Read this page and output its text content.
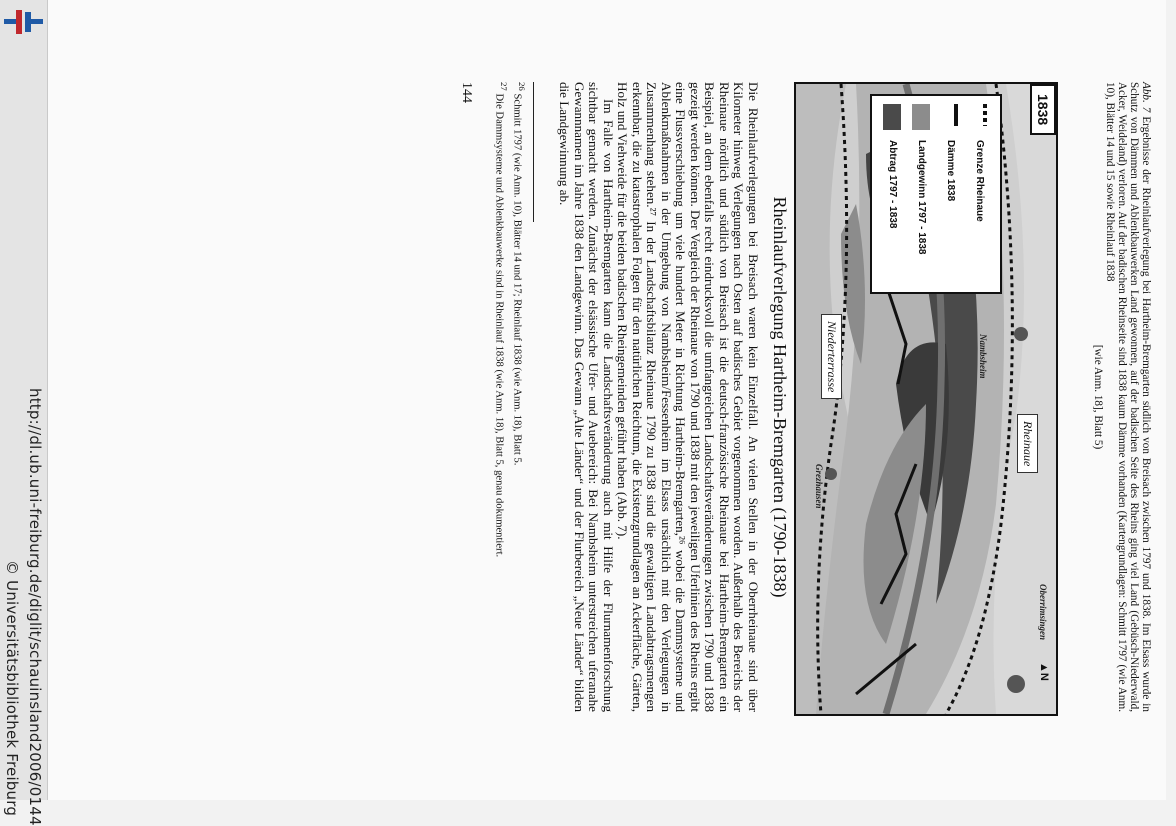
http://dl.ub.uni-freiburg.de/diglit/schauinsland2006/0144
© Universitätsbibliothek Freiburg
Abb. 7 Ergebnisse der Rheinlaufverlegung bei Hartheim-Bremgarten südlich von Breisach zwischen 1797 und 1838. Im Elsass wurde in Schutz von Dämmen und Ablenkbauwerken Land gewonnen, auf der badischen Seite des Rheins ging viel Land (Gebüsch-Niederwald, Acker, Weideland) verloren. Auf der badischen Rheinseite sind 1838 kaum Dämme vorhanden (Kartengrundlagen: Schmitt 1797 (wie Anm. 10), Blätter 14 und 15 sowie Rheinlauf 1838
[wie Anm. 18], Blatt 5)
1838
Grenze Rheinaue
Dämme 1838
Landgewinn 1797 - 1838
Abtrag 1797 - 1838
Niederterrasse
Rheinaue
Nambsheim
Grezhausen
Oberrimsingen
▲N
Rheinlaufverlegung Hartheim-Bremgarten (1790-1838)

Die Rheinlaufverlegungen bei Breisach waren kein Einzelfall. An vielen Stellen in der Oberrheinaue sind über Kilometer hinweg Verlegungen nach Osten auf badisches Gebiet vorgenommen worden. Außerhalb des Bereichs der Rheinaue nördlich und südlich von Breisach ist die deutsch-französische Rheinaue bei Hartheim-Bremgarten ein Beispiel, an dem ebenfalls recht eindrucksvoll die umfangreichen Landschaftsveränderungen zwischen 1790 und 1838 gezeigt werden können. Der Vergleich der Rheinaue von 1790 und 1838 mit den jeweiligen Uferlinien des Rheins ergibt eine Flussverschiebung um viele hundert Meter in Richtung Hartheim-Bremgarten,²⁶ wobei die Dammsysteme und Ablenkmaßnahmen in der Umgebung von Nambsheim/Fessenheim im Elsass ursächlich mit den Verlegungen in Zusammenhang stehen.²⁷ In der Landschaftsbilanz Rheinaue 1790 zu 1838 sind die gewaltigen Landabtragsmengen erkennbar, die zu katastrophalen Folgen für den natürlichen Reichtum, die Existenzgrundlagen an Ackerfläche, Gärten, Holz und Viehweide für die beiden badischen Rheingemeinden geführt haben (Abb. 7).

Im Falle von Hartheim-Bremgarten kann die Landschaftsveränderung auch mit Hilfe der Flurnamenforschung sichtbar gemacht werden. Zunächst der elsässische Ufer- und Auebereich: Bei Nambsheim unterstreichen uferanahe Gewannnamen im Jahre 1838 den Landgewinn. Das Gewann „Alte Länder“ und der Flurbereich „Neue Länder“ bilden die Landgewinnung ab.

$^{26}$ Schmitt 1797 (wie Anm. 10), Blätter 14 und 17; Rheinlauf 1838 (wie Anm. 18), Blatt 5.
$^{27}$ Die Dammsysteme und Ablenkbauwerke sind in Rheinlauf 1838 (wie Anm. 18), Blatt 5, genau dokumentiert.
144
